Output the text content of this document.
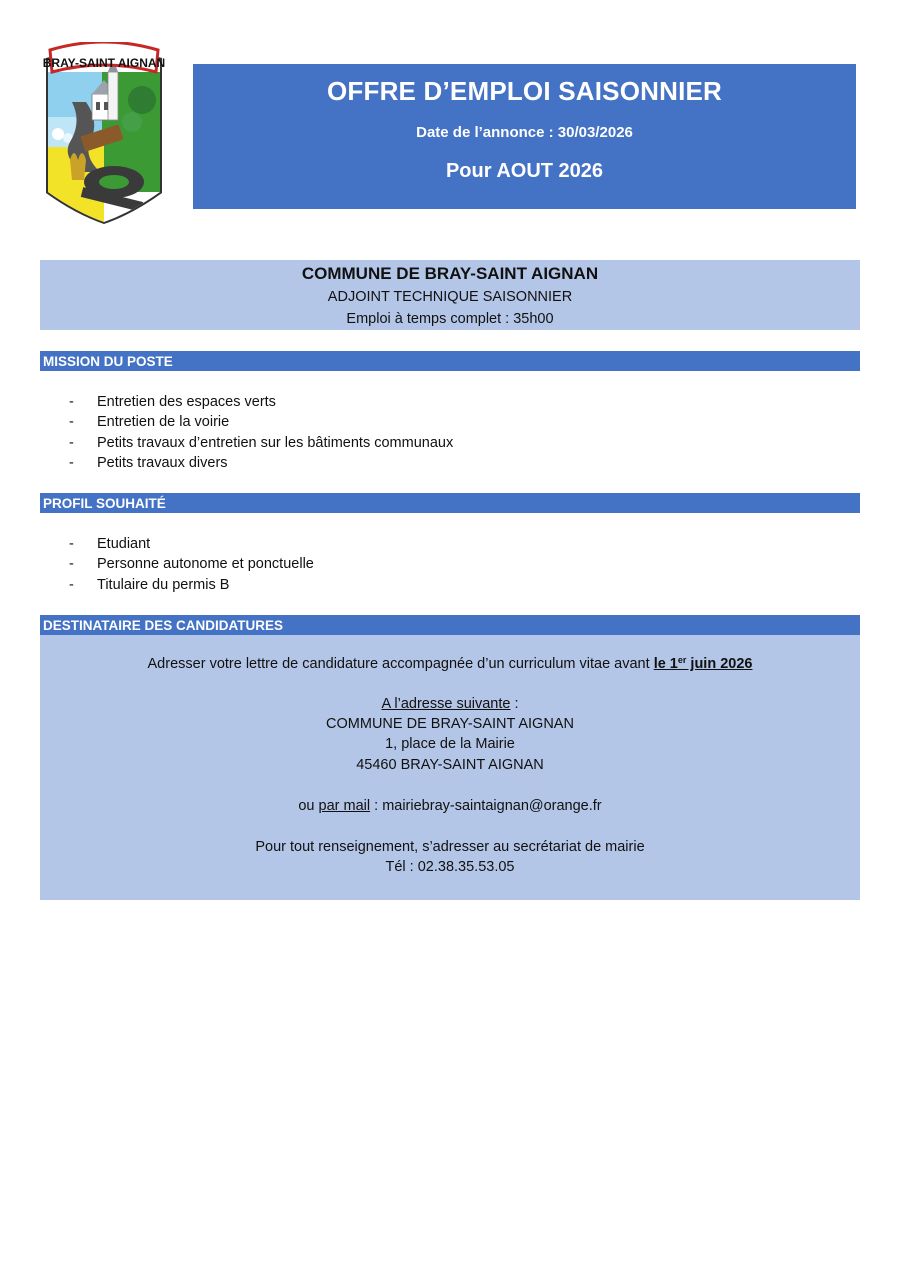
BRAY-SAINT AIGNAN
OFFRE D’EMPLOI SAISONNIER
Date de l’annonce : 30/03/2026
Pour AOUT 2026
COMMUNE DE BRAY-SAINT AIGNAN
ADJOINT TECHNIQUE SAISONNIER
Emploi à temps complet : 35h00
MISSION DU POSTE
- Entretien des espaces verts
- Entretien de la voirie
- Petits travaux d’entretien sur les bâtiments communaux
- Petits travaux divers
PROFIL SOUHAITÉ
- Etudiant
- Personne autonome et ponctuelle
- Titulaire du permis B
DESTINATAIRE DES CANDIDATURES
Adresser votre lettre de candidature accompagnée d’un curriculum vitae avant le 1er juin 2026
A l’adresse suivante :
COMMUNE DE BRAY-SAINT AIGNAN
1, place de la Mairie
45460 BRAY-SAINT AIGNAN
ou par mail : mairiebray-saintaignan@orange.fr
Pour tout renseignement, s’adresser au secrétariat de mairie
Tél : 02.38.35.53.05
